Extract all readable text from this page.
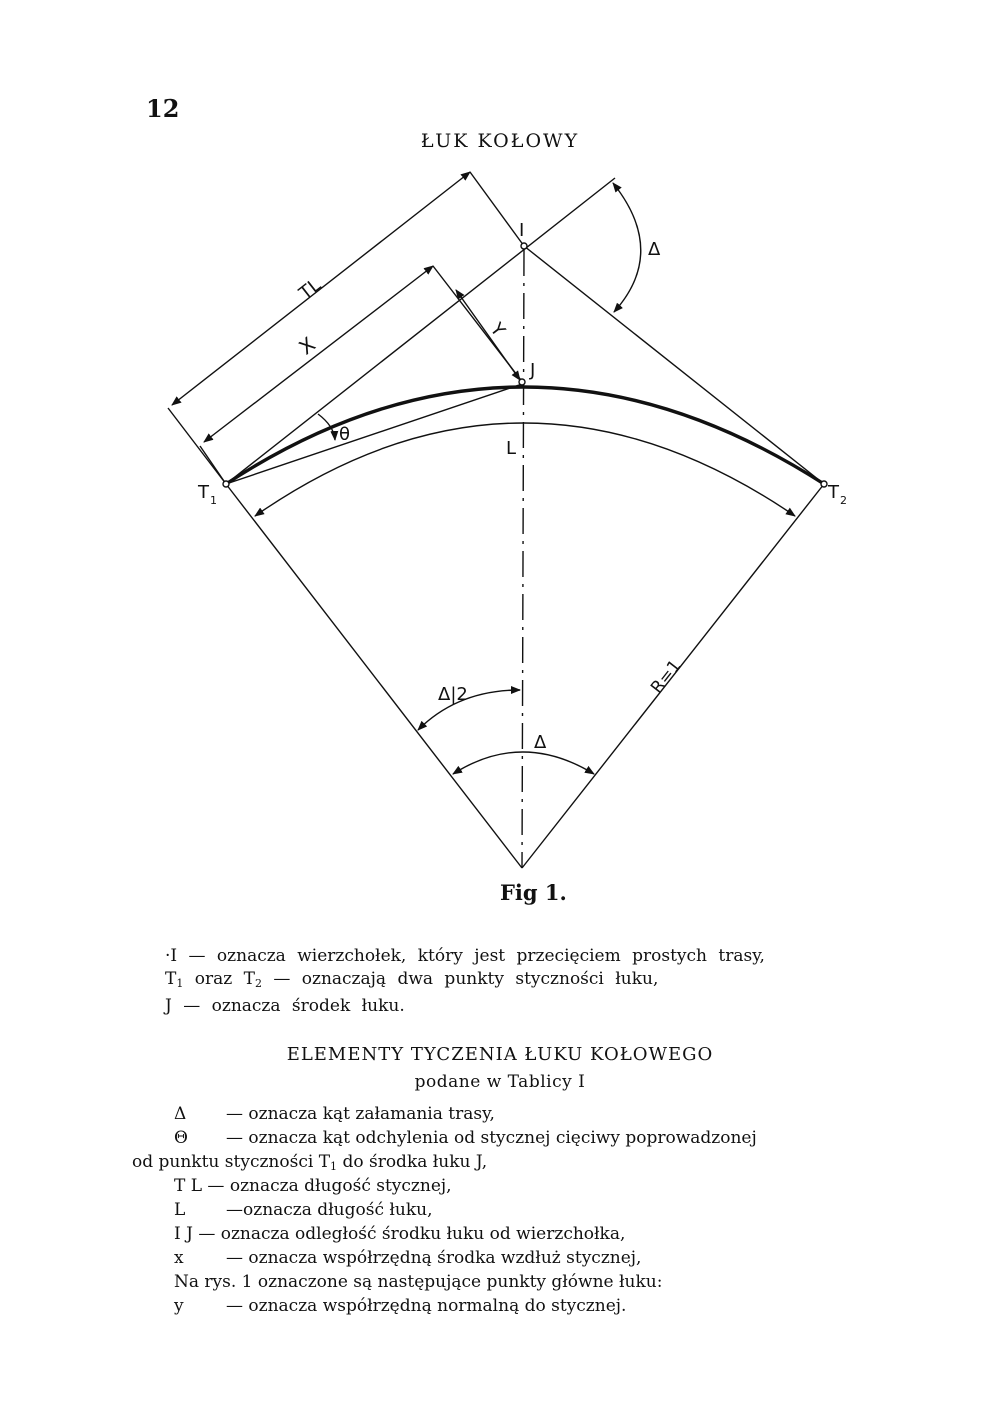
12
ŁUK KOŁOWY
I
J
L
T 1	T 2
TL
X
Y
θ
Δ
Δ|2
Δ
R=1
Fig 1.
·I — oznacza wierzchołek, który jest przecięciem prostych trasy,
T1 oraz T2 — oznaczają dwa punkty styczności łuku,
J — oznacza środek łuku.
ELEMENTY TYCZENIA ŁUKU KOŁOWEGO
podane w Tablicy I
Δ — oznacza kąt załamania trasy,
Θ — oznacza kąt odchylenia od stycznej cięciwy poprowadzonej
od punktu styczności T1 do środka łuku J,
T L — oznacza długość stycznej,
L —oznacza długość łuku,
I J — oznacza odległość środku łuku od wierzchołka,
x — oznacza współrzędną środka wzdłuż stycznej,
Na rys. 1 oznaczone są następujące punkty główne łuku:
y — oznacza współrzędną normalną do stycznej.
